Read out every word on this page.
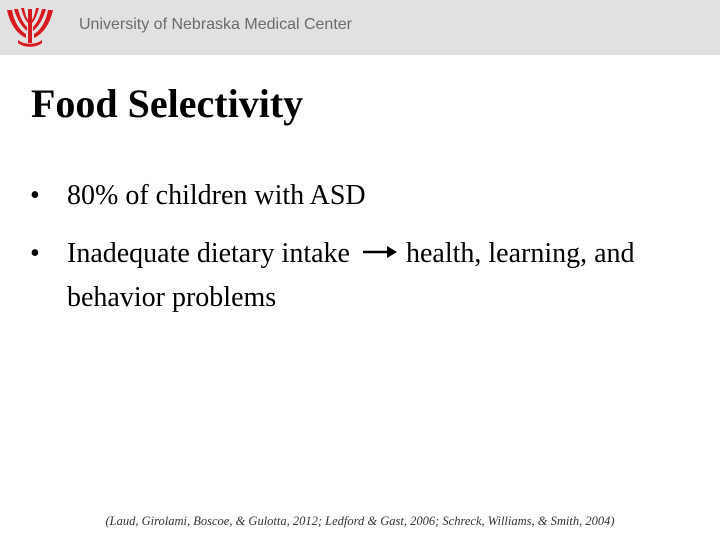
University of Nebraska Medical Center
Food Selectivity
• 80% of children with ASD
• Inadequate dietary intake health, learning, and behavior problems
(Laud, Girolami, Boscoe, & Gulotta, 2012; Ledford & Gast, 2006; Schreck, Williams, & Smith, 2004)
